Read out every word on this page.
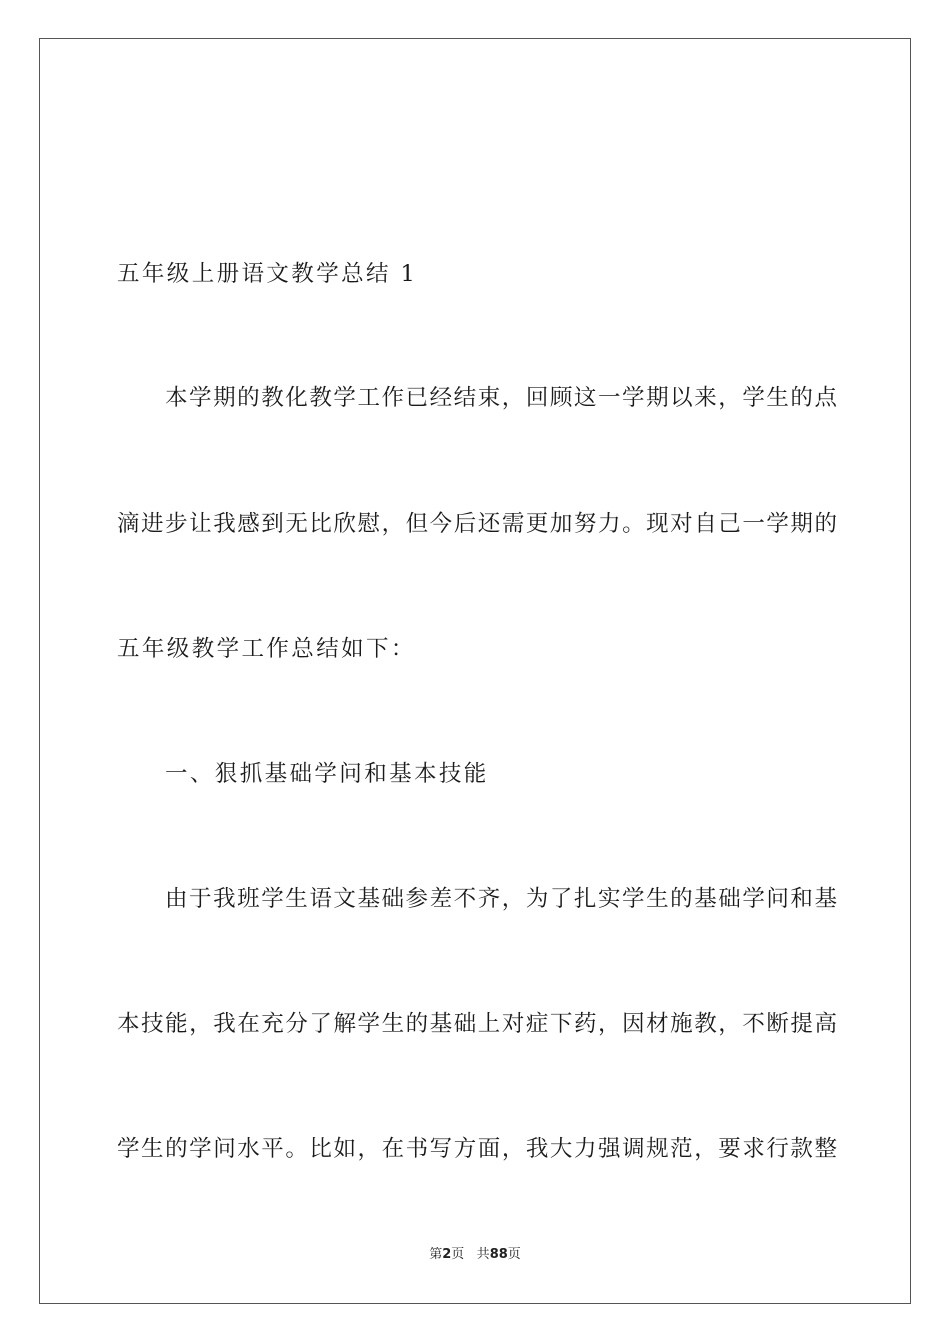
五年级上册语文教学总结 1
本学期的教化教学工作已经结束，回顾这一学期以来，学生的点
滴进步让我感到无比欣慰，但今后还需更加努力。现对自己一学期的
五年级教学工作总结如下：
一、狠抓基础学问和基本技能
由于我班学生语文基础参差不齐，为了扎实学生的基础学问和基
本技能，我在充分了解学生的基础上对症下药，因材施教，不断提高
学生的学问水平。比如，在书写方面，我大力强调规范，要求行款整
第2页 共88页
